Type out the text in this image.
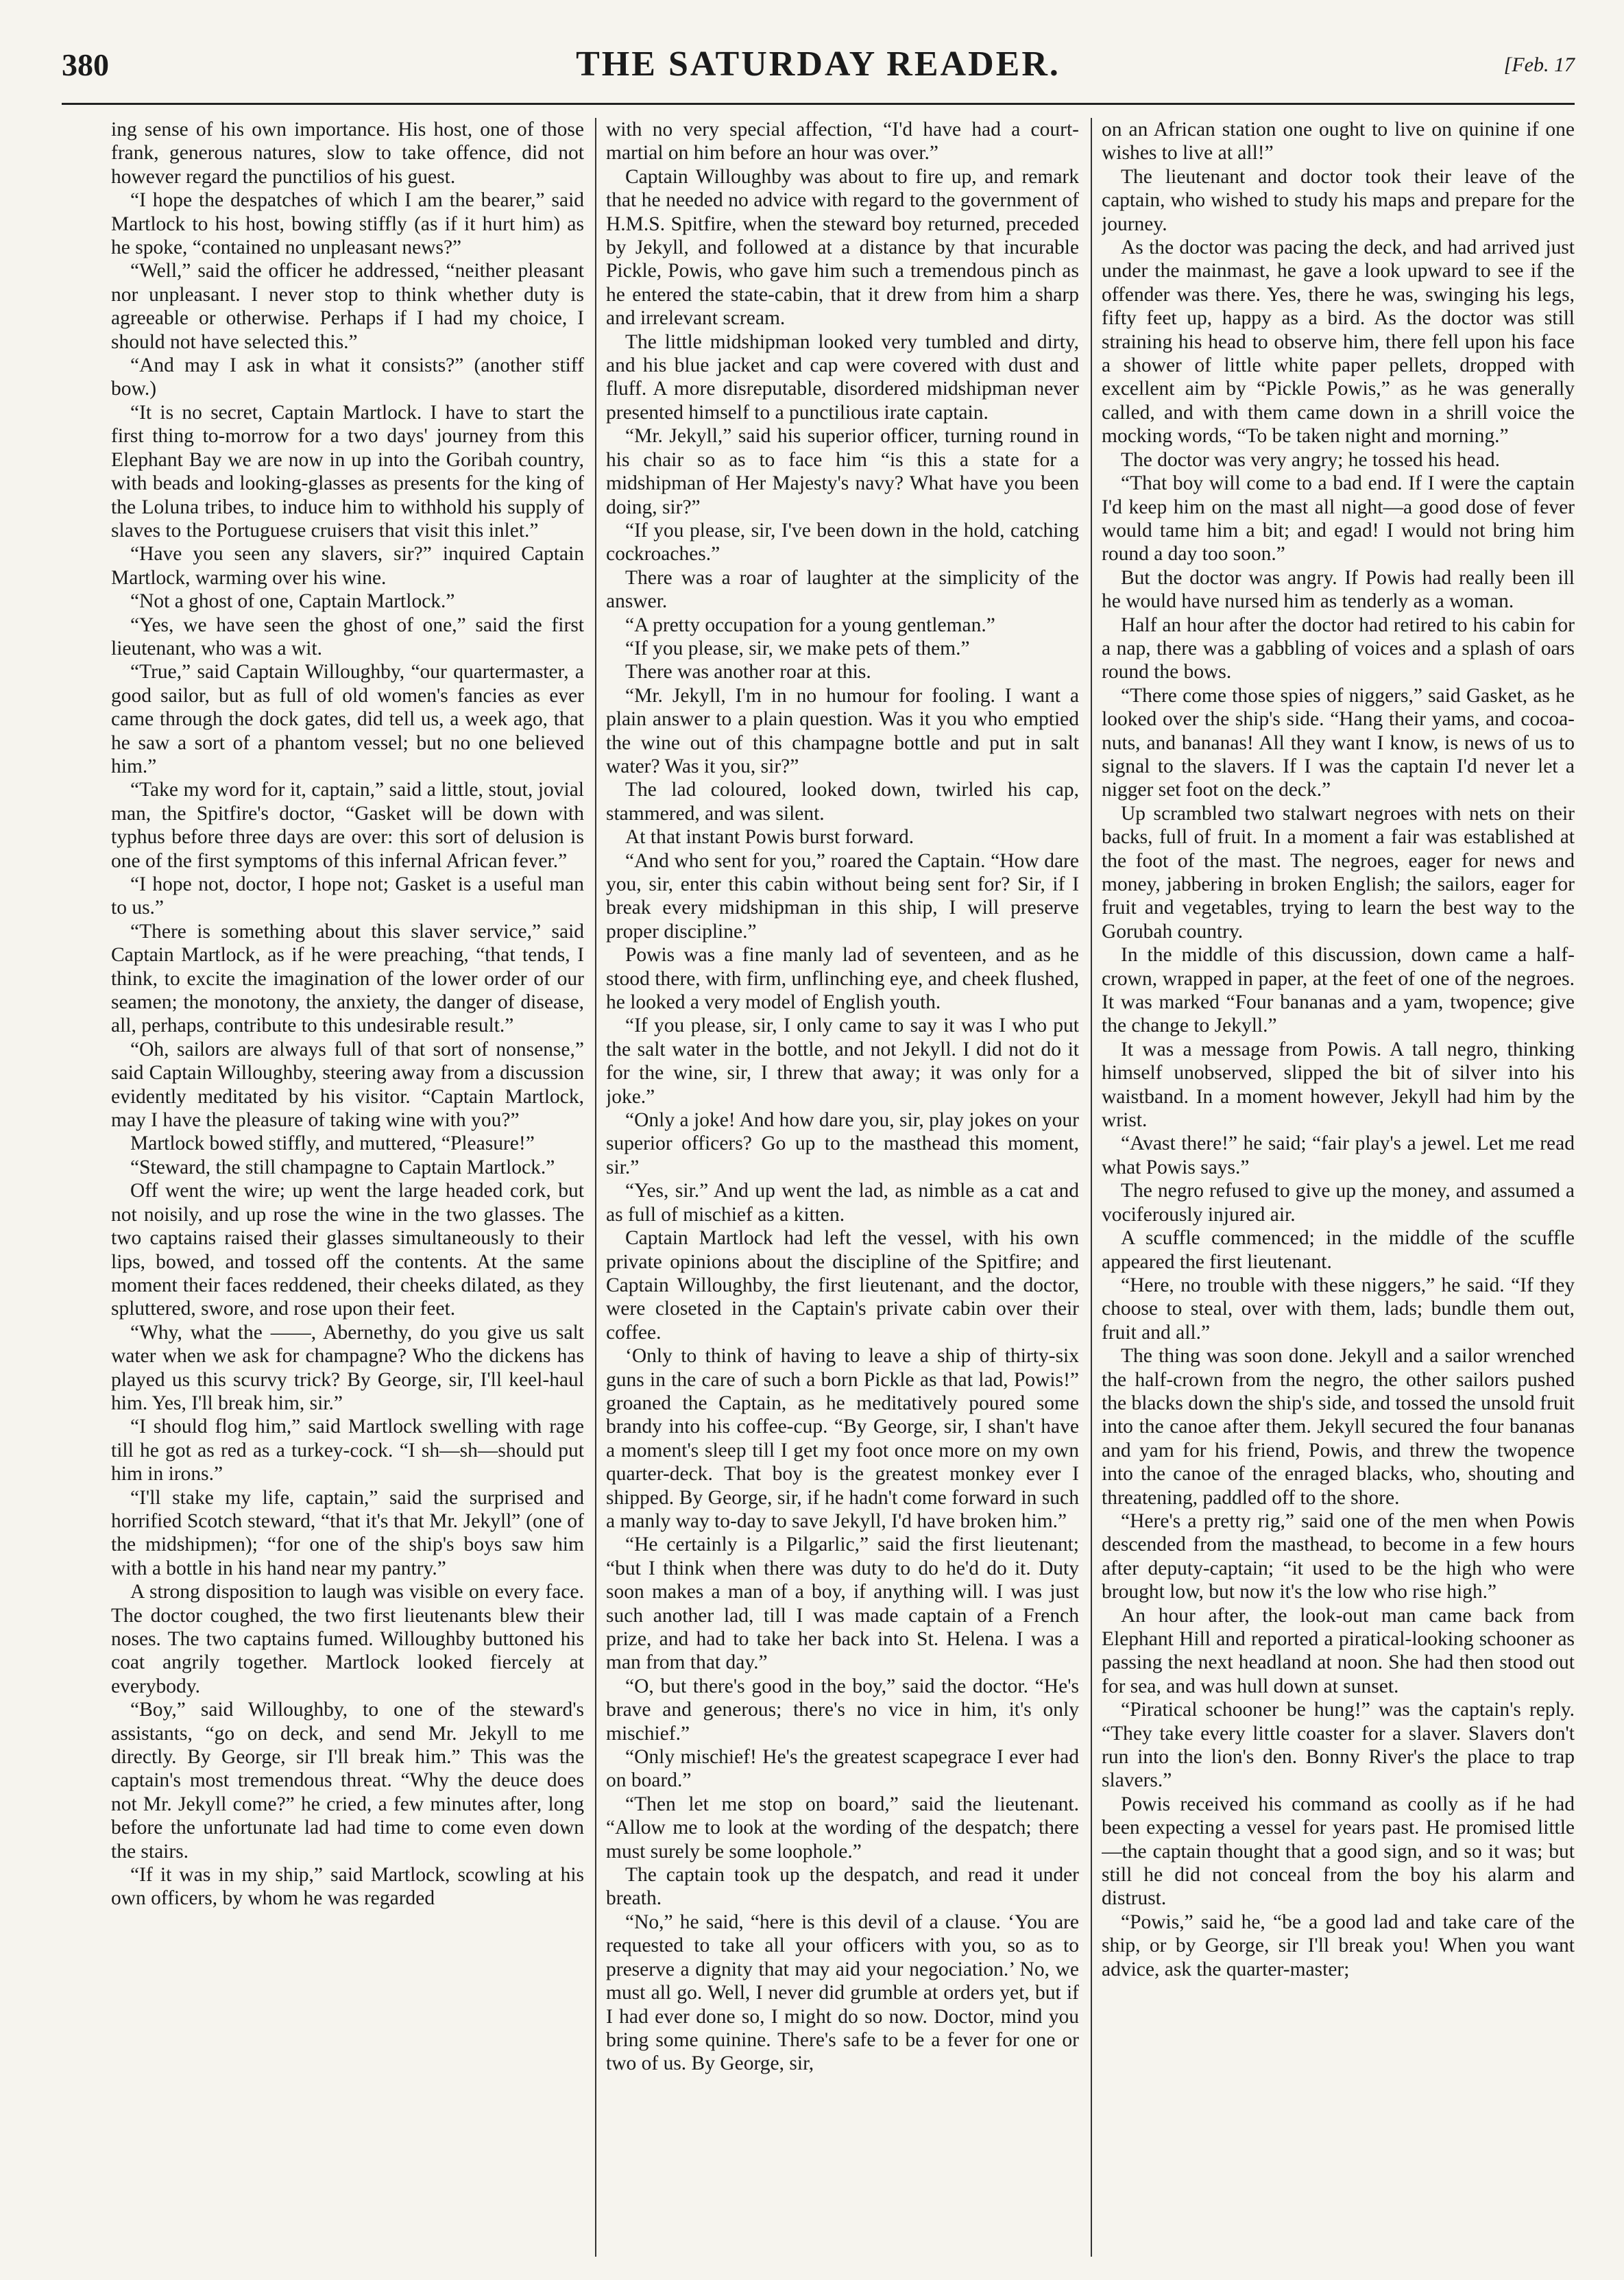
380	THE SATURDAY READER.	[Feb. 17

ing sense of his own importance. His host, one of those frank, generous natures, slow to take offence, did not however regard the punctilios of his guest.

“I hope the despatches of which I am the bearer,” said Martlock to his host, bowing stiffly (as if it hurt him) as he spoke, “contained no unpleasant news?”

“Well,” said the officer he addressed, “neither pleasant nor unpleasant. I never stop to think whether duty is agreeable or otherwise. Perhaps if I had my choice, I should not have selected this.”

“And may I ask in what it consists?” (another stiff bow.)

“It is no secret, Captain Martlock. I have to start the first thing to-morrow for a two days' journey from this Elephant Bay we are now in up into the Goribah country, with beads and looking-glasses as presents for the king of the Loluna tribes, to induce him to withhold his supply of slaves to the Portuguese cruisers that visit this inlet.”

“Have you seen any slavers, sir?” inquired Captain Martlock, warming over his wine.

“Not a ghost of one, Captain Martlock.”

“Yes, we have seen the ghost of one,” said the first lieutenant, who was a wit.

“True,” said Captain Willoughby, “our quartermaster, a good sailor, but as full of old women's fancies as ever came through the dock gates, did tell us, a week ago, that he saw a sort of a phantom vessel; but no one believed him.”

“Take my word for it, captain,” said a little, stout, jovial man, the Spitfire's doctor, “Gasket will be down with typhus before three days are over: this sort of delusion is one of the first symptoms of this infernal African fever.”

“I hope not, doctor, I hope not; Gasket is a useful man to us.”

“There is something about this slaver service,” said Captain Martlock, as if he were preaching, “that tends, I think, to excite the imagination of the lower order of our seamen; the monotony, the anxiety, the danger of disease, all, perhaps, contribute to this undesirable result.”

“Oh, sailors are always full of that sort of nonsense,” said Captain Willoughby, steering away from a discussion evidently meditated by his visitor. “Captain Martlock, may I have the pleasure of taking wine with you?”

Martlock bowed stiffly, and muttered, “Pleasure!”

“Steward, the still champagne to Captain Martlock.”

Off went the wire; up went the large headed cork, but not noisily, and up rose the wine in the two glasses. The two captains raised their glasses simultaneously to their lips, bowed, and tossed off the contents. At the same moment their faces reddened, their cheeks dilated, as they spluttered, swore, and rose upon their feet.

“Why, what the ——, Abernethy, do you give us salt water when we ask for champagne? Who the dickens has played us this scurvy trick? By George, sir, I'll keel-haul him. Yes, I'll break him, sir.”

“I should flog him,” said Martlock swelling with rage till he got as red as a turkey-cock. “I sh—sh—should put him in irons.”

“I'll stake my life, captain,” said the surprised and horrified Scotch steward, “that it's that Mr. Jekyll” (one of the midshipmen); “for one of the ship's boys saw him with a bottle in his hand near my pantry.”

A strong disposition to laugh was visible on every face. The doctor coughed, the two first lieutenants blew their noses. The two captains fumed. Willoughby buttoned his coat angrily together. Martlock looked fiercely at everybody.

“Boy,” said Willoughby, to one of the steward's assistants, “go on deck, and send Mr. Jekyll to me directly. By George, sir I'll break him.” This was the captain's most tremendous threat. “Why the deuce does not Mr. Jekyll come?” he cried, a few minutes after, long before the unfortunate lad had time to come even down the stairs.

“If it was in my ship,” said Martlock, scowling at his own officers, by whom he was regarded

with no very special affection, “I'd have had a court-martial on him before an hour was over.”

Captain Willoughby was about to fire up, and remark that he needed no advice with regard to the government of H.M.S. Spitfire, when the steward boy returned, preceded by Jekyll, and followed at a distance by that incurable Pickle, Powis, who gave him such a tremendous pinch as he entered the state-cabin, that it drew from him a sharp and irrelevant scream.

The little midshipman looked very tumbled and dirty, and his blue jacket and cap were covered with dust and fluff. A more disreputable, disordered midshipman never presented himself to a punctilious irate captain.

“Mr. Jekyll,” said his superior officer, turning round in his chair so as to face him “is this a state for a midshipman of Her Majesty's navy? What have you been doing, sir?”

“If you please, sir, I've been down in the hold, catching cockroaches.”

There was a roar of laughter at the simplicity of the answer.

“A pretty occupation for a young gentleman.”

“If you please, sir, we make pets of them.”

There was another roar at this.

“Mr. Jekyll, I'm in no humour for fooling. I want a plain answer to a plain question. Was it you who emptied the wine out of this champagne bottle and put in salt water? Was it you, sir?”

The lad coloured, looked down, twirled his cap, stammered, and was silent.

At that instant Powis burst forward.

“And who sent for you,” roared the Captain. “How dare you, sir, enter this cabin without being sent for? Sir, if I break every midshipman in this ship, I will preserve proper discipline.”

Powis was a fine manly lad of seventeen, and as he stood there, with firm, unflinching eye, and cheek flushed, he looked a very model of English youth.

“If you please, sir, I only came to say it was I who put the salt water in the bottle, and not Jekyll. I did not do it for the wine, sir, I threw that away; it was only for a joke.”

“Only a joke! And how dare you, sir, play jokes on your superior officers? Go up to the masthead this moment, sir.”

“Yes, sir.” And up went the lad, as nimble as a cat and as full of mischief as a kitten.

Captain Martlock had left the vessel, with his own private opinions about the discipline of the Spitfire; and Captain Willoughby, the first lieutenant, and the doctor, were closeted in the Captain's private cabin over their coffee.

‘Only to think of having to leave a ship of thirty-six guns in the care of such a born Pickle as that lad, Powis!” groaned the Captain, as he meditatively poured some brandy into his coffee-cup. “By George, sir, I shan't have a moment's sleep till I get my foot once more on my own quarter-deck. That boy is the greatest monkey ever I shipped. By George, sir, if he hadn't come forward in such a manly way to-day to save Jekyll, I'd have broken him.”

“He certainly is a Pilgarlic,” said the first lieutenant; “but I think when there was duty to do he'd do it. Duty soon makes a man of a boy, if anything will. I was just such another lad, till I was made captain of a French prize, and had to take her back into St. Helena. I was a man from that day.”

“O, but there's good in the boy,” said the doctor. “He's brave and generous; there's no vice in him, it's only mischief.”

“Only mischief! He's the greatest scapegrace I ever had on board.”

“Then let me stop on board,” said the lieutenant. “Allow me to look at the wording of the despatch; there must surely be some loophole.”

The captain took up the despatch, and read it under breath.

“No,” he said, “here is this devil of a clause. ‘You are requested to take all your officers with you, so as to preserve a dignity that may aid your negociation.’ No, we must all go. Well, I never did grumble at orders yet, but if I had ever done so, I might do so now. Doctor, mind you bring some quinine. There's safe to be a fever for one or two of us. By George, sir,

on an African station one ought to live on quinine if one wishes to live at all!”

The lieutenant and doctor took their leave of the captain, who wished to study his maps and prepare for the journey.

As the doctor was pacing the deck, and had arrived just under the mainmast, he gave a look upward to see if the offender was there. Yes, there he was, swinging his legs, fifty feet up, happy as a bird. As the doctor was still straining his head to observe him, there fell upon his face a shower of little white paper pellets, dropped with excellent aim by “Pickle Powis,” as he was generally called, and with them came down in a shrill voice the mocking words, “To be taken night and morning.”

The doctor was very angry; he tossed his head.

“That boy will come to a bad end. If I were the captain I'd keep him on the mast all night—a good dose of fever would tame him a bit; and egad! I would not bring him round a day too soon.”

But the doctor was angry. If Powis had really been ill he would have nursed him as tenderly as a woman.

Half an hour after the doctor had retired to his cabin for a nap, there was a gabbling of voices and a splash of oars round the bows.

“There come those spies of niggers,” said Gasket, as he looked over the ship's side. “Hang their yams, and cocoa-nuts, and bananas! All they want I know, is news of us to signal to the slavers. If I was the captain I'd never let a nigger set foot on the deck.”

Up scrambled two stalwart negroes with nets on their backs, full of fruit. In a moment a fair was established at the foot of the mast. The negroes, eager for news and money, jabbering in broken English; the sailors, eager for fruit and vegetables, trying to learn the best way to the Gorubah country.

In the middle of this discussion, down came a half-crown, wrapped in paper, at the feet of one of the negroes. It was marked “Four bananas and a yam, twopence; give the change to Jekyll.”

It was a message from Powis. A tall negro, thinking himself unobserved, slipped the bit of silver into his waistband. In a moment however, Jekyll had him by the wrist.

“Avast there!” he said; “fair play's a jewel. Let me read what Powis says.”

The negro refused to give up the money, and assumed a vociferously injured air.

A scuffle commenced; in the middle of the scuffle appeared the first lieutenant.

“Here, no trouble with these niggers,” he said. “If they choose to steal, over with them, lads; bundle them out, fruit and all.”

The thing was soon done. Jekyll and a sailor wrenched the half-crown from the negro, the other sailors pushed the blacks down the ship's side, and tossed the unsold fruit into the canoe after them. Jekyll secured the four bananas and yam for his friend, Powis, and threw the twopence into the canoe of the enraged blacks, who, shouting and threatening, paddled off to the shore.

“Here's a pretty rig,” said one of the men when Powis descended from the masthead, to become in a few hours after deputy-captain; “it used to be the high who were brought low, but now it's the low who rise high.”

An hour after, the look-out man came back from Elephant Hill and reported a piratical-looking schooner as passing the next headland at noon. She had then stood out for sea, and was hull down at sunset.

“Piratical schooner be hung!” was the captain's reply. “They take every little coaster for a slaver. Slavers don't run into the lion's den. Bonny River's the place to trap slavers.”

Powis received his command as coolly as if he had been expecting a vessel for years past. He promised little—the captain thought that a good sign, and so it was; but still he did not conceal from the boy his alarm and distrust.

“Powis,” said he, “be a good lad and take care of the ship, or by George, sir I'll break you! When you want advice, ask the quarter-master;
